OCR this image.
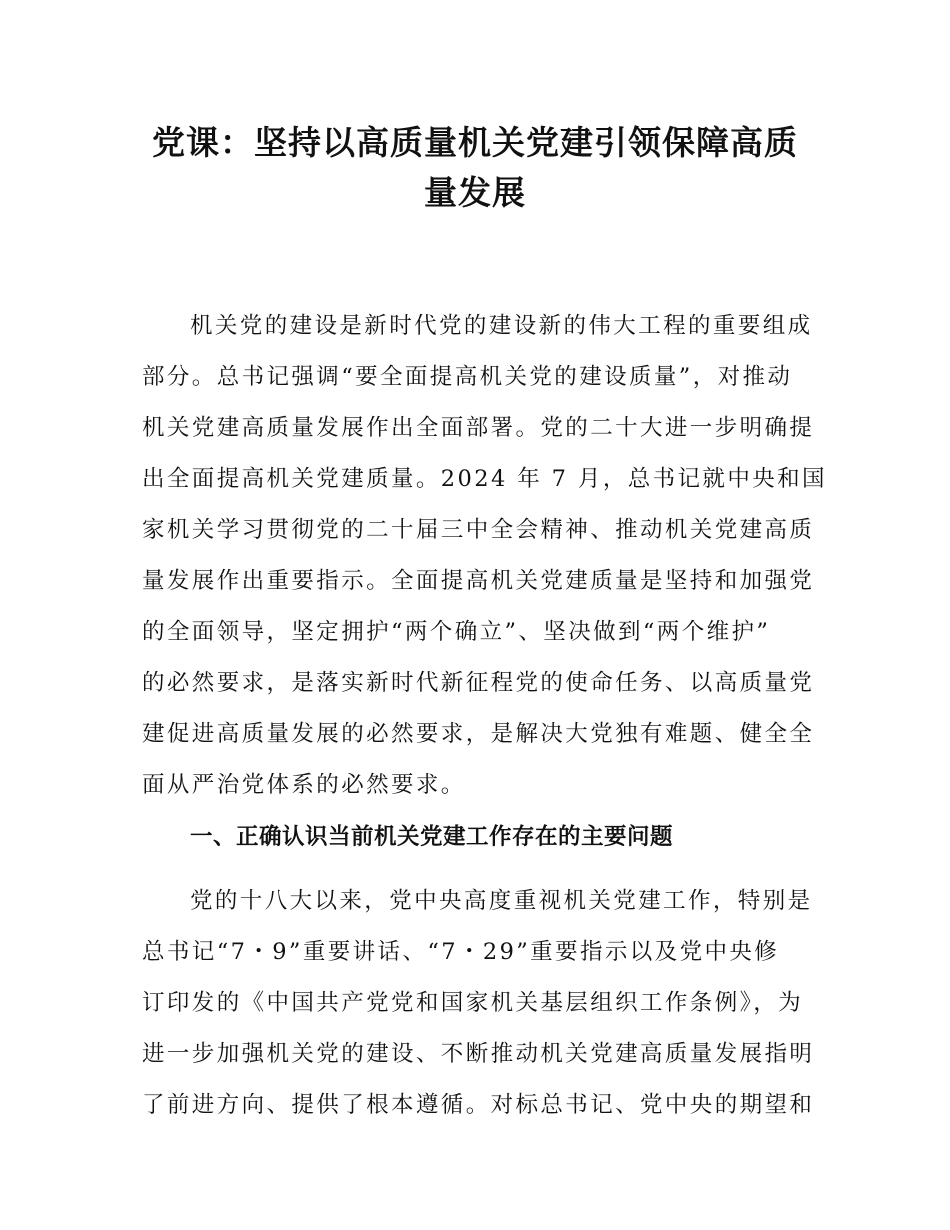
党课：坚持以高质量机关党建引领保障高质
量发展
机关党的建设是新时代党的建设新的伟大工程的重要组成
部分。总书记强调“要全面提高机关党的建设质量”，对推动
机关党建高质量发展作出全面部署。党的二十大进一步明确提
出全面提高机关党建质量。2024 年 7 月，总书记就中央和国
家机关学习贯彻党的二十届三中全会精神、推动机关党建高质
量发展作出重要指示。全面提高机关党建质量是坚持和加强党
的全面领导，坚定拥护“两个确立”、坚决做到“两个维护”
的必然要求，是落实新时代新征程党的使命任务、以高质量党
建促进高质量发展的必然要求，是解决大党独有难题、健全全
面从严治党体系的必然要求。
一、正确认识当前机关党建工作存在的主要问题
党的十八大以来，党中央高度重视机关党建工作，特别是
总书记“7・9”重要讲话、“7・29”重要指示以及党中央修
订印发的《中国共产党党和国家机关基层组织工作条例》，为
进一步加强机关党的建设、不断推动机关党建高质量发展指明
了前进方向、提供了根本遵循。对标总书记、党中央的期望和
